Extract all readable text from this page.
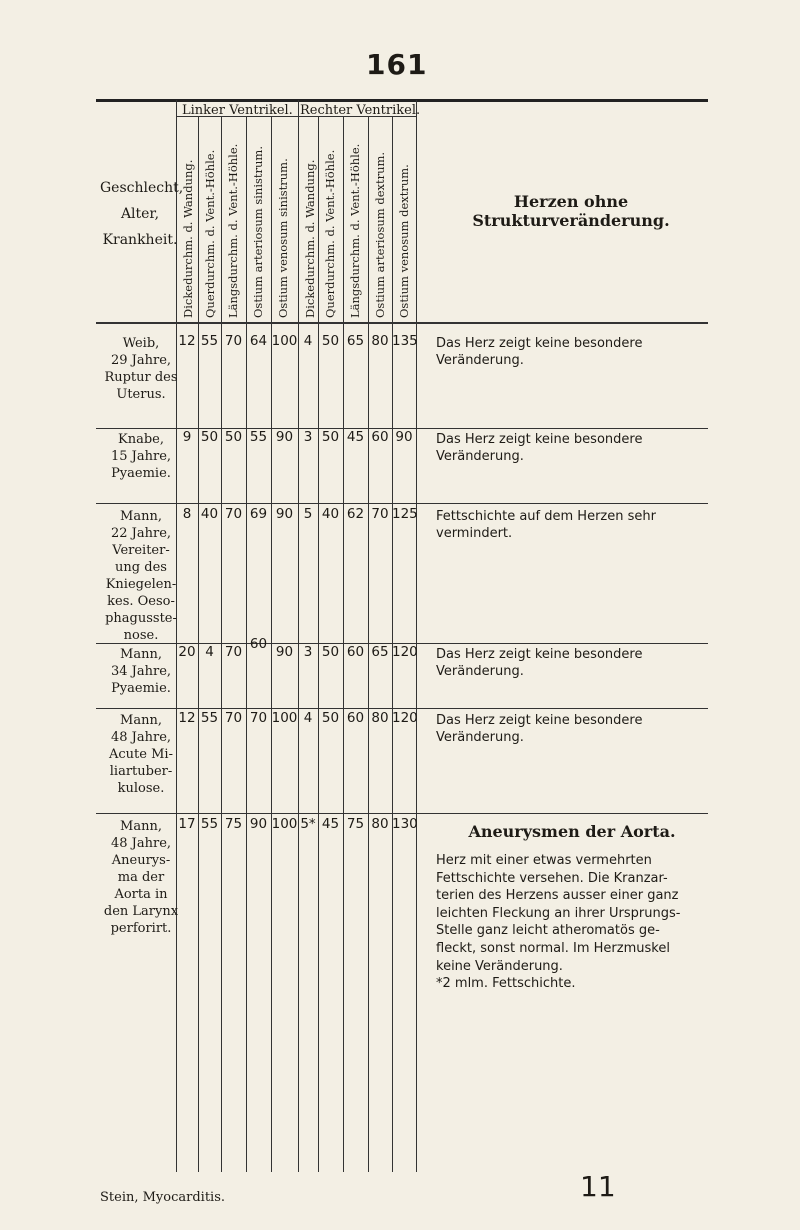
161
Geschlecht,
Alter,
Krankheit.
Linker Ventrikel. Rechter Ventrikel.
Dickedurchm. d. Wandung. Querdurchm. d. Vent.-Höhle. Längsdurchm. d. Vent.-Höhle. Ostium arteriosum sinistrum. Ostium venosum sinistrum. Dickedurchm. d. Wandung. Querdurchm. d. Vent.-Höhle. Längsdurchm. d. Vent.-Höhle. Ostium arteriosum dextrum. Ostium venosum dextrum.	Herzen ohne Strukturveränderung.
Weib,
29 Jahre,
Ruptur des
Uterus.
12 55 70 64 100 4 50 65 80 135 Das Herz zeigt keine besondere Veränderung.
Knabe,
15 Jahre,
Pyaemie.
9 50 50 55 90 3 50 45 60 90 Das Herz zeigt keine besondere Veränderung.
Mann,
22 Jahre,
Vereiter-
ung des
Kniegelen-
kes. Oeso-
phagusste-
nose.
8 40 70 69 90 5 40 62 70 125 Fettschichte auf dem Herzen sehr vermindert.
Mann,
34 Jahre,
Pyaemie.
20 4 70 60 90 3 50 60 65 120 Das Herz zeigt keine besondere Veränderung.
Mann,
48 Jahre,
Acute Mi-
liartuber-
kulose.
12 55 70 70 100 4 50 60 80 120 Das Herz zeigt keine besondere Veränderung.
Mann,
48 Jahre,
Aneurys-
ma der
Aorta in
den Larynx
perforirt.
17 55 75 90 100 5* 45 75 80 130	Aneurysmen der Aorta.
Herz mit einer etwas vermehrten
Fettschichte versehen. Die Kranzar-
terien des Herzens ausser einer ganz
leichten Fleckung an ihrer Ursprungs-
Stelle ganz leicht atheromatös ge-
fleckt, sonst normal. Im Herzmuskel
keine Veränderung.
*2 mlm. Fettschichte.
Stein, Myocarditis.	11
